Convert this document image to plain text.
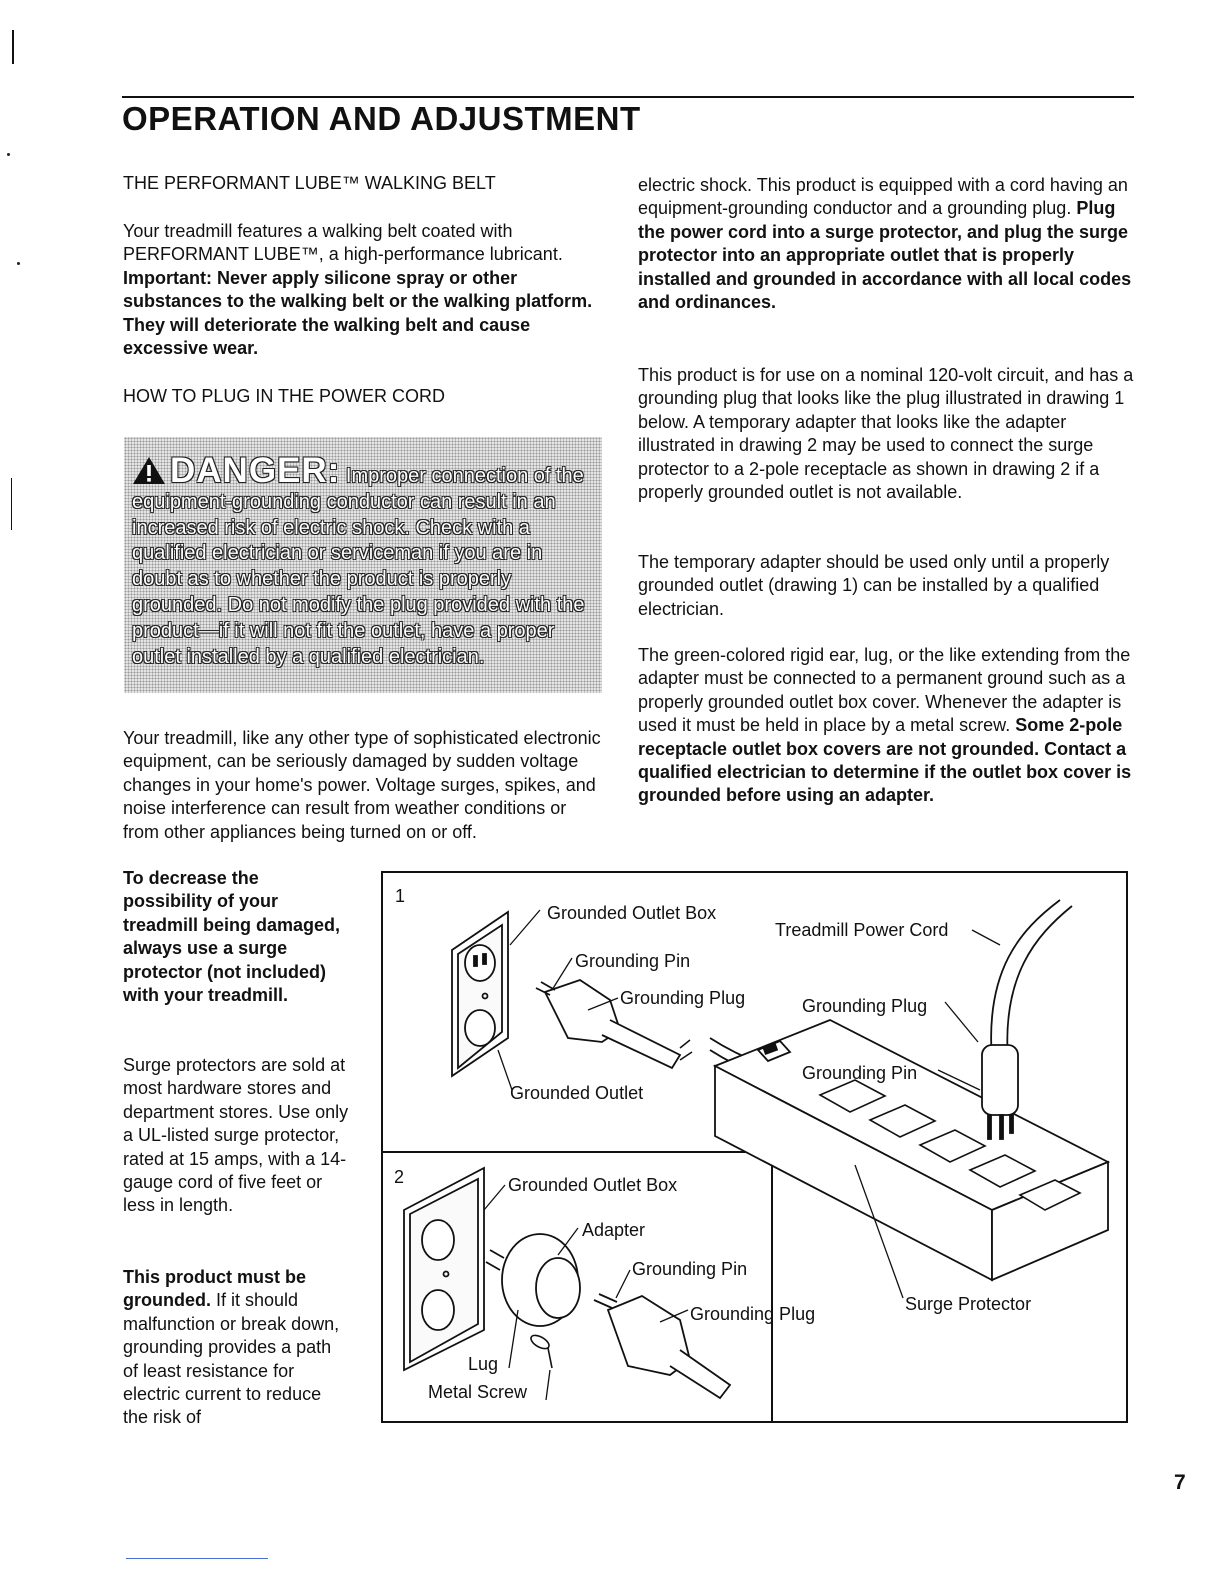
OPERATION AND ADJUSTMENT
THE PERFORMANT LUBE™ WALKING BELT
Your treadmill features a walking belt coated with PERFORMANT LUBE™, a high-performance lubricant. Important: Never apply silicone spray or other substances to the walking belt or the walking platform. They will deteriorate the walking belt and cause excessive wear.
HOW TO PLUG IN THE POWER CORD
DANGER: Improper connection of the equipment-grounding conductor can result in an increased risk of electric shock. Check with a qualified electrician or serviceman if you are in doubt as to whether the product is properly grounded. Do not modify the plug provided with the product—if it will not fit the outlet, have a proper outlet installed by a qualified electrician.
Your treadmill, like any other type of sophisticated electronic equipment, can be seriously damaged by sudden voltage changes in your home's power. Voltage surges, spikes, and noise interference can result from weather conditions or from other appliances being turned on or off.
To decrease the possibility of your treadmill being damaged, always use a surge protector (not included) with your treadmill.
Surge protectors are sold at most hardware stores and department stores. Use only a UL-listed surge protector, rated at 15 amps, with a 14-gauge cord of five feet or less in length.
This product must be grounded. If it should malfunction or break down, grounding provides a path of least resistance for electric current to reduce the risk of
electric shock. This product is equipped with a cord having an equipment-grounding conductor and a grounding plug. Plug the power cord into a surge protector, and plug the surge protector into an appropriate outlet that is properly installed and grounded in accordance with all local codes and ordinances.
This product is for use on a nominal 120-volt circuit, and has a grounding plug that looks like the plug illustrated in drawing 1 below. A temporary adapter that looks like the adapter illustrated in drawing 2 may be used to connect the surge protector to a 2-pole receptacle as shown in drawing 2 if a properly grounded outlet is not available.
The temporary adapter should be used only until a properly grounded outlet (drawing 1) can be installed by a qualified electrician.
The green-colored rigid ear, lug, or the like extending from the adapter must be connected to a permanent ground such as a properly grounded outlet box cover. Whenever the adapter is used it must be held in place by a metal screw. Some 2-pole receptacle outlet box covers are not grounded. Contact a qualified electrician to determine if the outlet box cover is grounded before using an adapter.
1
Grounded Outlet Box
Treadmill Power Cord
Grounding Pin
Grounding Plug	Grounding Plug
Grounding Pin
Grounded Outlet
2	Grounded Outlet Box
Adapter
Grounding Pin
Surge Protector
Grounding Plug
Lug
Metal Screw
7
